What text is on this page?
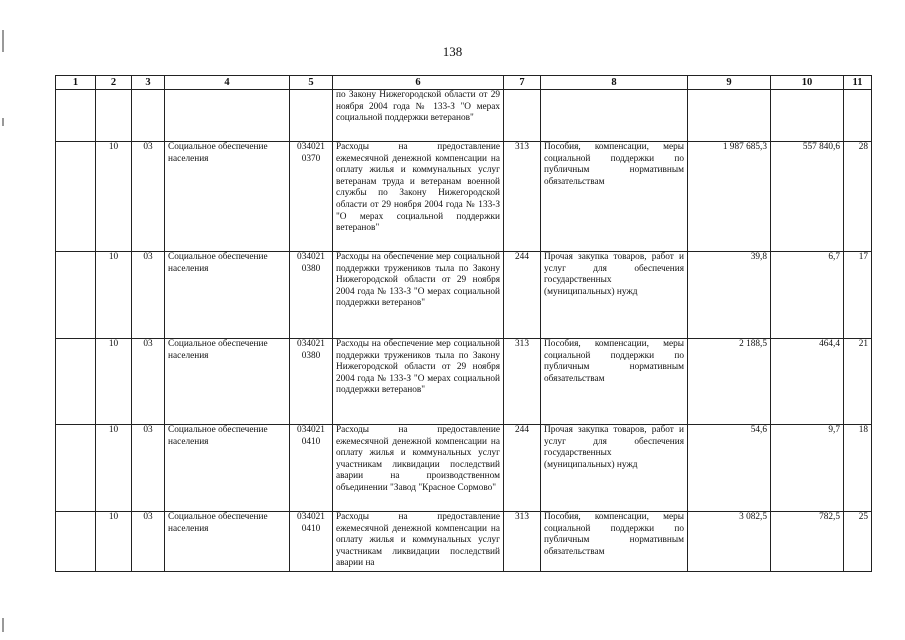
138
1	2	3	4	5	6	7	8	9	10	11
					по Закону Нижегородской области от 29 ноября 2004 года № 133-З "О мерах социальной поддержки ветеранов"					
	10	03	Социальное обеспечение населения	034021 0370	Расходы на предоставление ежемесячной денежной компенсации на оплату жилья и коммунальных услуг ветеранам труда и ветеранам военной службы по Закону Нижегородской области от 29 ноября 2004 года № 133-З "О мерах социальной поддержки ветеранов"	313	Пособия, компенсации, меры социальной поддержки по публичным нормативным обязательствам	1 987 685,3	557 840,6	28
	10	03	Социальное обеспечение населения	034021 0380	Расходы на обеспечение мер социальной поддержки тружеников тыла по Закону Нижегородской области от 29 ноября 2004 года № 133-З "О мерах социальной поддержки ветеранов"	244	Прочая закупка товаров, работ и услуг для обеспечения государственных (муниципальных) нужд	39,8	6,7	17
	10	03	Социальное обеспечение населения	034021 0380	Расходы на обеспечение мер социальной поддержки тружеников тыла по Закону Нижегородской области от 29 ноября 2004 года № 133-З "О мерах социальной поддержки ветеранов"	313	Пособия, компенсации, меры социальной поддержки по публичным нормативным обязательствам	2 188,5	464,4	21
	10	03	Социальное обеспечение населения	034021 0410	Расходы на предоставление ежемесячной денежной компенсации на оплату жилья и коммунальных услуг участникам ликвидации последствий аварии на производственном объединении "Завод "Красное Сормово"	244	Прочая закупка товаров, работ и услуг для обеспечения государственных (муниципальных) нужд	54,6	9,7	18
	10	03	Социальное обеспечение населения	034021 0410	Расходы на предоставление ежемесячной денежной компенсации на оплату жилья и коммунальных услуг участникам ликвидации последствий аварии на	313	Пособия, компенсации, меры социальной поддержки по публичным нормативным обязательствам	3 082,5	782,5	25
